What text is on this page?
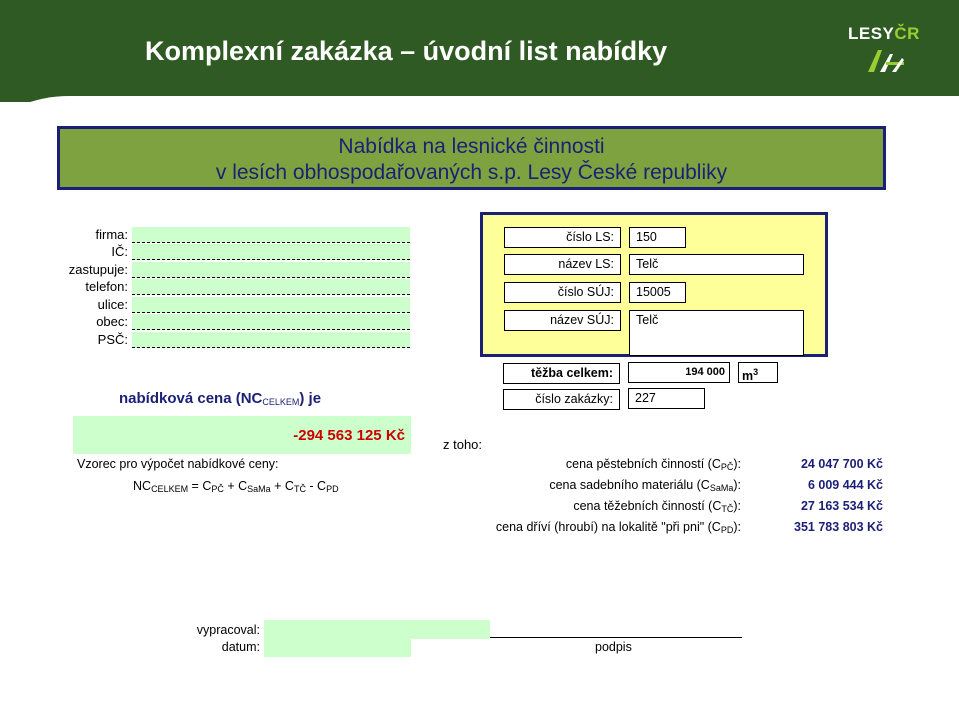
Komplexní zakázka – úvodní list nabídky
LESYČR
Nabídka na lesnické činnosti
v lesích obhospodařovaných s.p. Lesy České republiky
firma:
IČ:
zastupuje:
telefon:
ulice:
obec:
PSČ:
číslo LS:	150
název LS:	Telč
číslo SÚJ:	15005
název SÚJ:	Telč
těžba celkem:	194 000	$m^3$
číslo zakázky:	227
nabídková cena $(NC_{CELKEM})$ je
-294 563 125 Kč
Vzorec pro výpočet nabídkové ceny:
$NC_{CELKEM} = C_{PČ} + C_{SaMa} + C_{TČ} - C_{PD}$
z toho:
cena pěstebních činností $(C_{PČ})$:	24 047 700 Kč
cena sadebního materiálu $(C_{SaMa})$:	6 009 444 Kč
cena těžebních činností $(C_{TČ})$:	27 163 534 Kč
cena dříví (hroubí) na lokalitě "při pni" $(C_{PD})$:	351 783 803 Kč
vypracoval:
datum:	podpis
